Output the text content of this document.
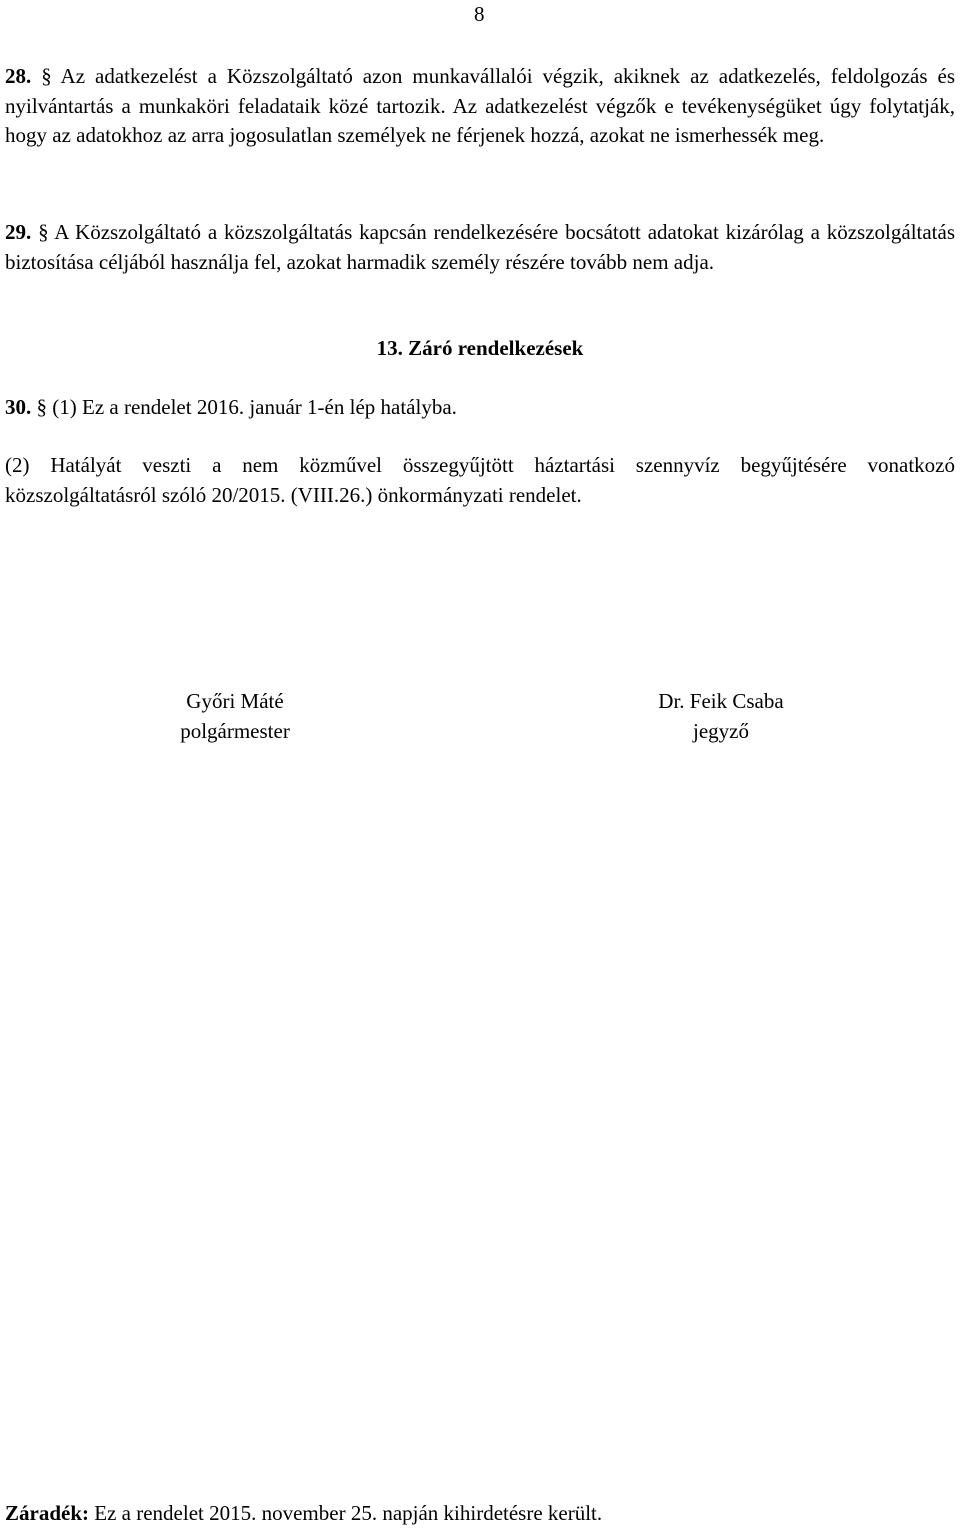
8
28. § Az adatkezelést a Közszolgáltató azon munkavállalói végzik, akiknek az adatkezelés, feldolgozás és nyilvántartás a munkaköri feladataik közé tartozik. Az adatkezelést végzők e tevékenységüket úgy folytatják, hogy az adatokhoz az arra jogosulatlan személyek ne férjenek hozzá, azokat ne ismerhessék meg.
29. § A Közszolgáltató a közszolgáltatás kapcsán rendelkezésére bocsátott adatokat kizárólag a közszolgáltatás biztosítása céljából használja fel, azokat harmadik személy részére tovább nem adja.
13. Záró rendelkezések
30. § (1) Ez a rendelet 2016. január 1-én lép hatályba.
(2) Hatályát veszti a nem közművel összegyűjtött háztartási szennyvíz begyűjtésére vonatkozó közszolgáltatásról szóló 20/2015. (VIII.26.) önkormányzati rendelet.
Győri Máté
polgármester
Dr. Feik Csaba
jegyző
Záradék: Ez a rendelet 2015. november 25. napján kihirdetésre került.
